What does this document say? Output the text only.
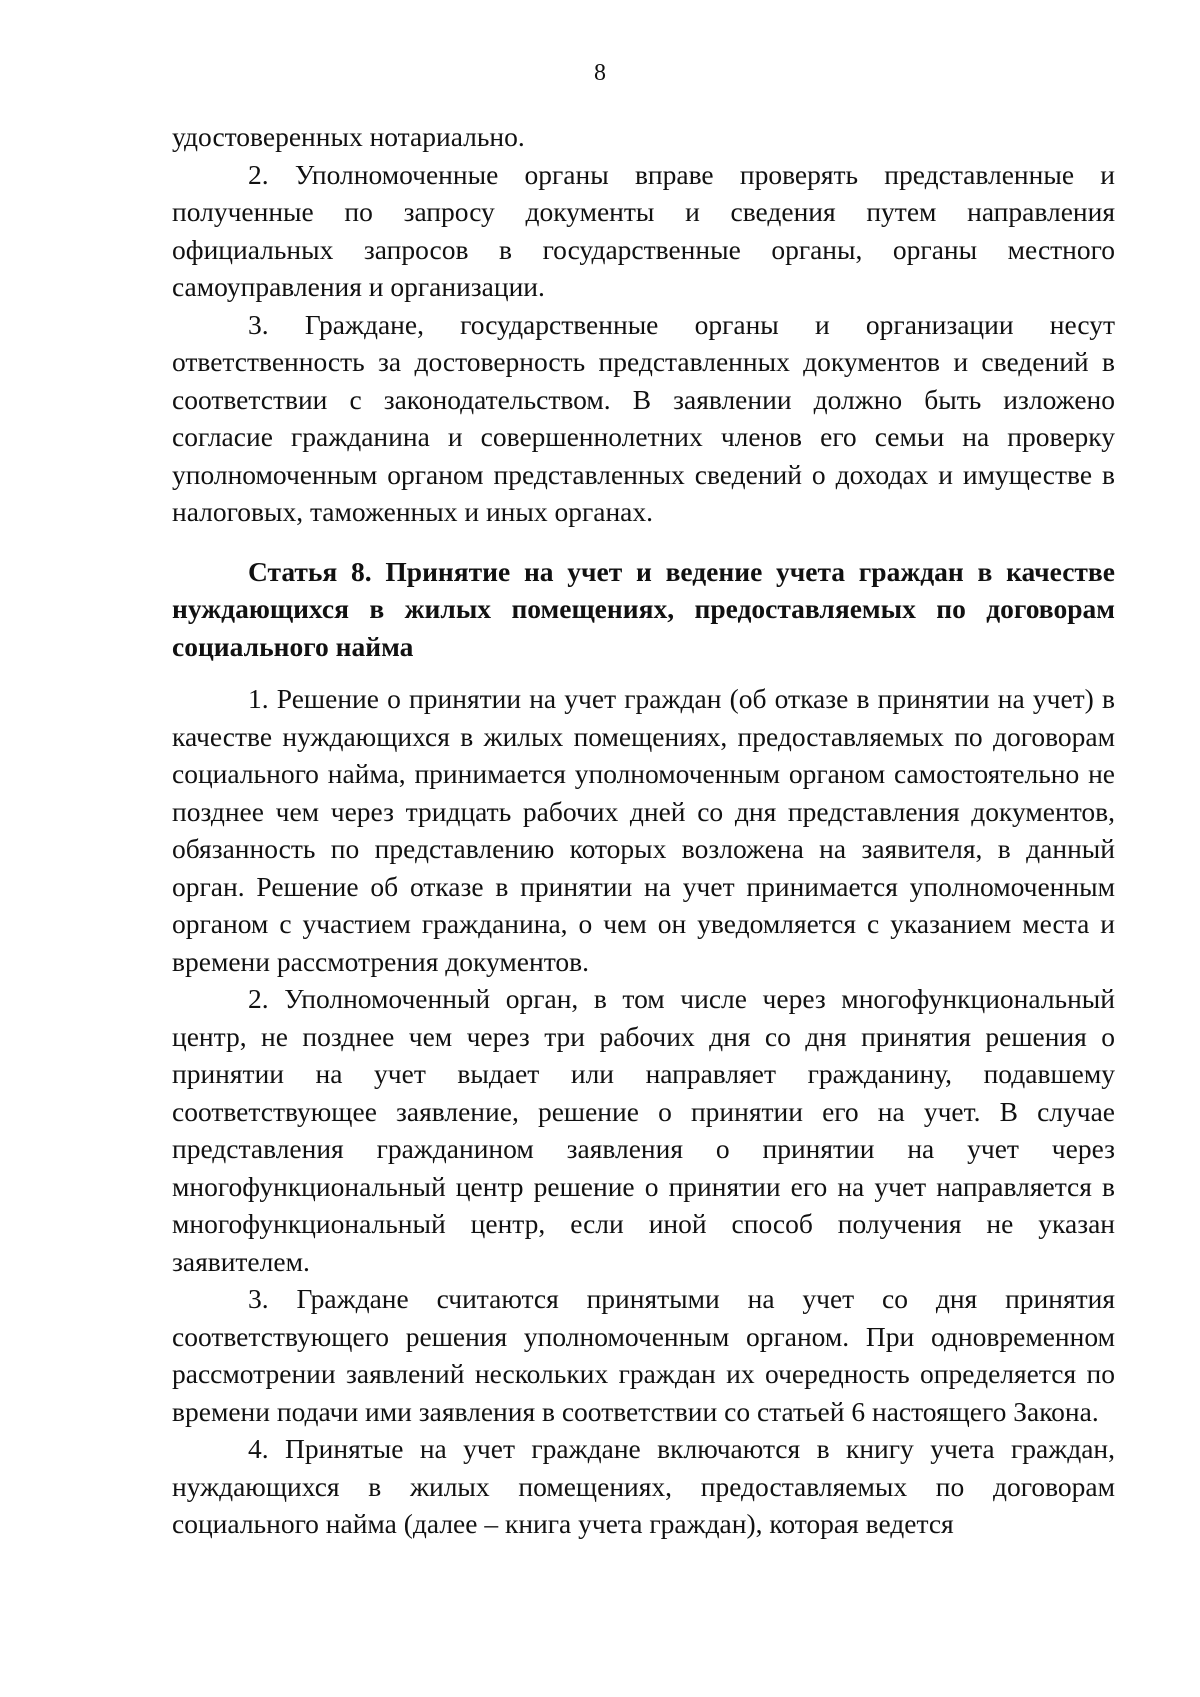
8

удостоверенных нотариально.

2. Уполномоченные органы вправе проверять представленные и полученные по запросу документы и сведения путем направления официальных запросов в государственные органы, органы местного самоуправления и организации.

3. Граждане, государственные органы и организации несут ответственность за достоверность представленных документов и сведений в соответствии с законодательством. В заявлении должно быть изложено согласие гражданина и совершеннолетних членов его семьи на проверку уполномоченным органом представленных сведений о доходах и имуществе в налоговых, таможенных и иных органах.

Статья 8. Принятие на учет и ведение учета граждан в качестве нуждающихся в жилых помещениях, предоставляемых по договорам социального найма

1. Решение о принятии на учет граждан (об отказе в принятии на учет) в качестве нуждающихся в жилых помещениях, предоставляемых по договорам социального найма, принимается уполномоченным органом самостоятельно не позднее чем через тридцать рабочих дней со дня представления документов, обязанность по представлению которых возложена на заявителя, в данный орган. Решение об отказе в принятии на учет принимается уполномоченным органом с участием гражданина, о чем он уведомляется с указанием места и времени рассмотрения документов.

2. Уполномоченный орган, в том числе через многофункциональный центр, не позднее чем через три рабочих дня со дня принятия решения о принятии на учет выдает или направляет гражданину, подавшему соответствующее заявление, решение о принятии его на учет. В случае представления гражданином заявления о принятии на учет через многофункциональный центр решение о принятии его на учет направляется в многофункциональный центр, если иной способ получения не указан заявителем.

3. Граждане считаются принятыми на учет со дня принятия соответствующего решения уполномоченным органом. При одновременном рассмотрении заявлений нескольких граждан их очередность определяется по времени подачи ими заявления в соответствии со статьей 6 настоящего Закона.

4. Принятые на учет граждане включаются в книгу учета граждан, нуждающихся в жилых помещениях, предоставляемых по договорам социального найма (далее – книга учета граждан), которая ведется
